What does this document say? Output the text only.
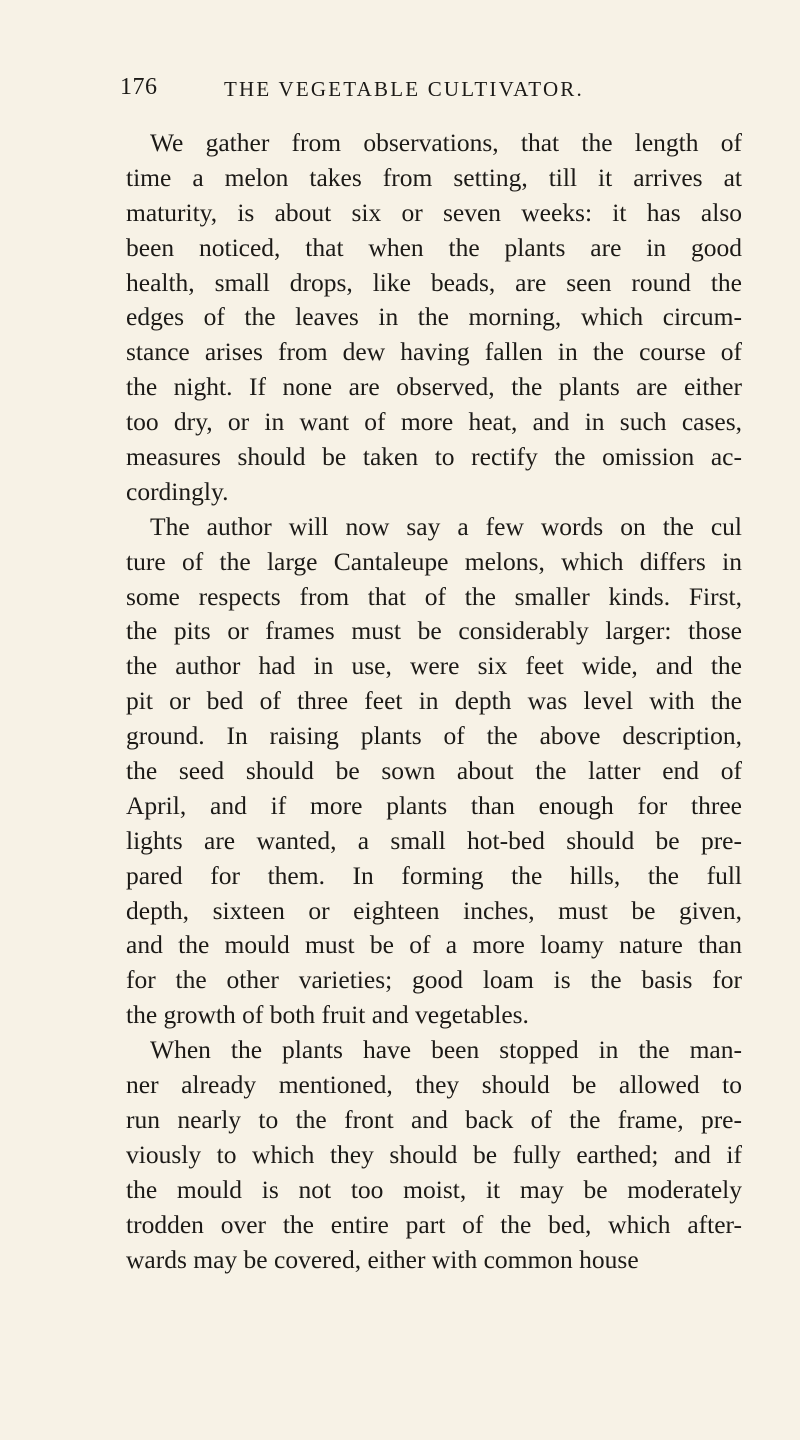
176	THE VEGETABLE CULTIVATOR.
We gather from observations, that the length of
time a melon takes from setting, till it arrives at
maturity, is about six or seven weeks: it has also
been noticed, that when the plants are in good
health, small drops, like beads, are seen round the
edges of the leaves in the morning, which circum-
stance arises from dew having fallen in the course of
the night. If none are observed, the plants are either
too dry, or in want of more heat, and in such cases,
measures should be taken to rectify the omission ac-
cordingly.
The author will now say a few words on the cul
ture of the large Cantaleupe melons, which differs in
some respects from that of the smaller kinds. First,
the pits or frames must be considerably larger: those
the author had in use, were six feet wide, and the
pit or bed of three feet in depth was level with the
ground. In raising plants of the above description,
the seed should be sown about the latter end of
April, and if more plants than enough for three
lights are wanted, a small hot-bed should be pre-
pared for them. In forming the hills, the full
depth, sixteen or eighteen inches, must be given,
and the mould must be of a more loamy nature than
for the other varieties; good loam is the basis for
the growth of both fruit and vegetables.
When the plants have been stopped in the man-
ner already mentioned, they should be allowed to
run nearly to the front and back of the frame, pre-
viously to which they should be fully earthed; and if
the mould is not too moist, it may be moderately
trodden over the entire part of the bed, which after-
wards may be covered, either with common house
